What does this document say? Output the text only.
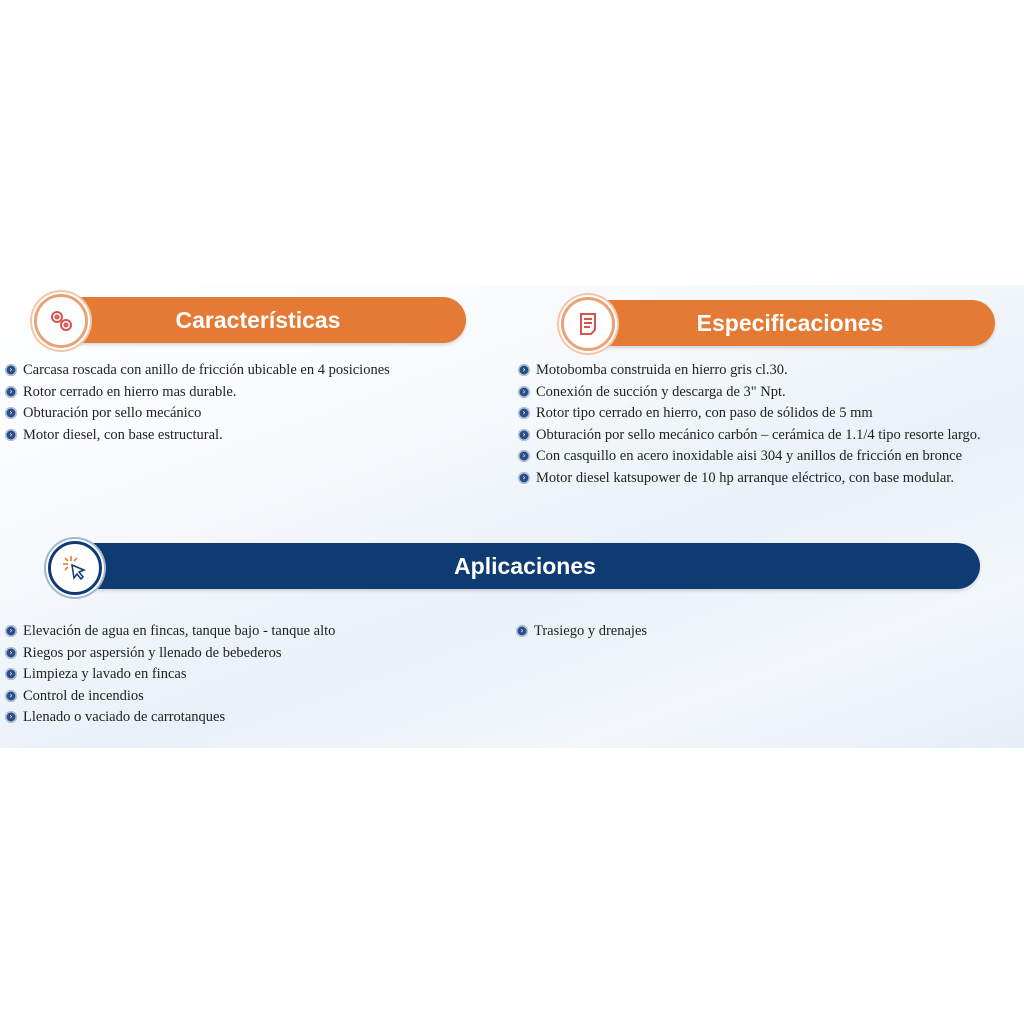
Características
› Carcasa roscada con anillo de fricción ubicable en 4 posiciones
› Rotor cerrado en hierro mas durable.
› Obturación por sello mecánico
› Motor diesel, con base estructural.
Especificaciones
› Motobomba construida en hierro gris cl.30.
› Conexión de succión y descarga de 3" Npt.
› Rotor tipo cerrado en hierro, con paso de sólidos de 5 mm
› Obturación por sello mecánico carbón – cerámica de 1.1/4 tipo resorte largo.
› Con casquillo en acero inoxidable aisi 304 y anillos de fricción en bronce
› Motor diesel katsupower de 10 hp arranque eléctrico, con base modular.
Aplicaciones
› Elevación de agua en fincas, tanque bajo - tanque alto
› Riegos por aspersión y llenado de bebederos
› Limpieza y lavado en fincas
› Control de incendios
› Llenado o vaciado de carrotanques
› Trasiego y drenajes
